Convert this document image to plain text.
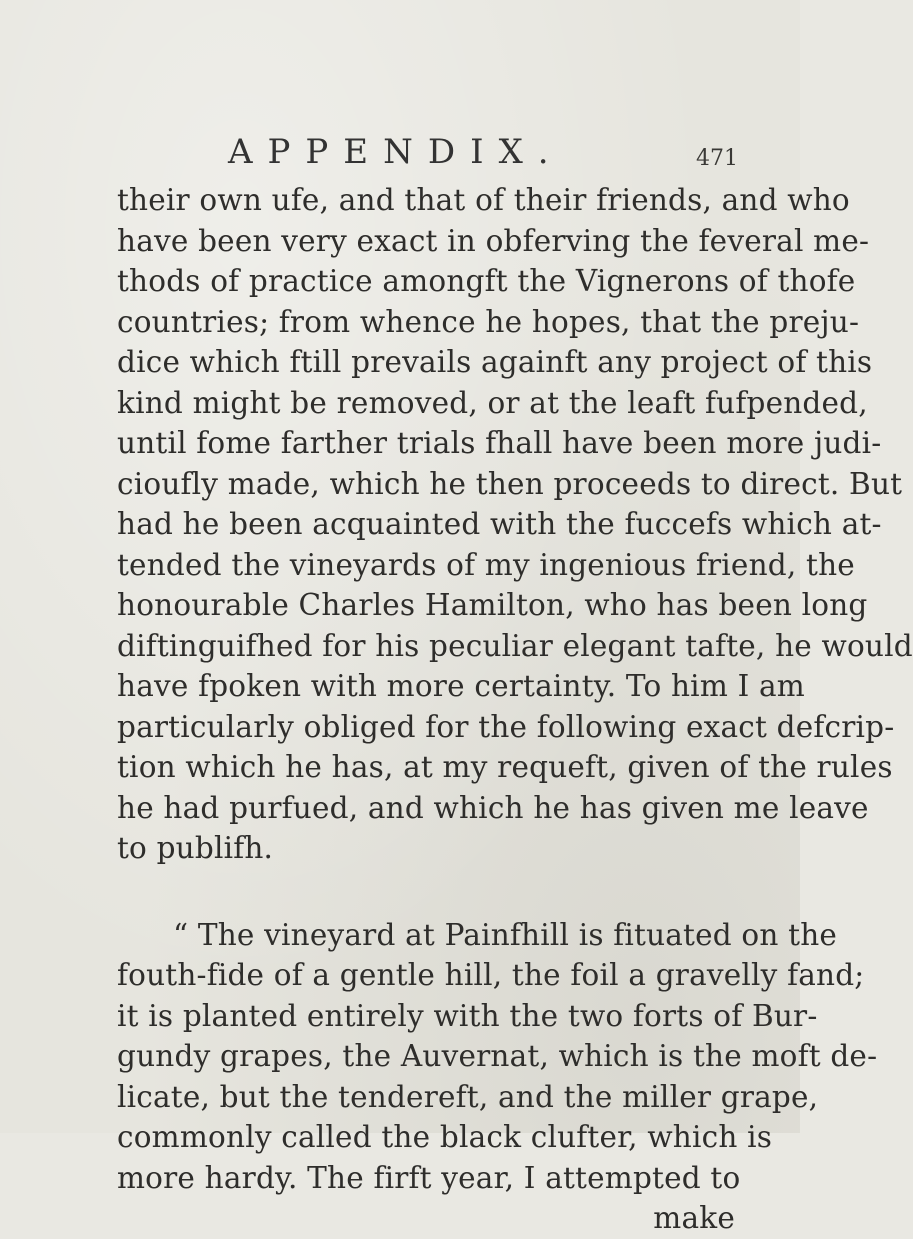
APPENDIX.	471
their own ufe, and that of their friends, and who
have been very exact in obferving the feveral me-
thods of practice amongft the Vignerons of thofe
countries; from whence he hopes, that the preju-
dice which ftill prevails againft any project of this
kind might be removed, or at the leaft fufpended,
until fome farther trials fhall have been more judi-
cioufly made, which he then proceeds to direct. But
had he been acquainted with the fuccefs which at-
tended the vineyards of my ingenious friend, the
honourable Charles Hamilton, who has been long
diftinguifhed for his peculiar elegant tafte, he would
have fpoken with more certainty. To him I am
particularly obliged for the following exact defcrip-
tion which he has, at my requeft, given of the rules
he had purfued, and which he has given me leave
to publifh.
“ The vineyard at Painfhill is fituated on the
fouth-fide of a gentle hill, the foil a gravelly fand;
it is planted entirely with the two forts of Bur-
gundy grapes, the Auvernat, which is the moft de-
licate, but the tendereft, and the miller grape,
commonly called the black clufter, which is
more hardy. The firft year, I attempted to
make
